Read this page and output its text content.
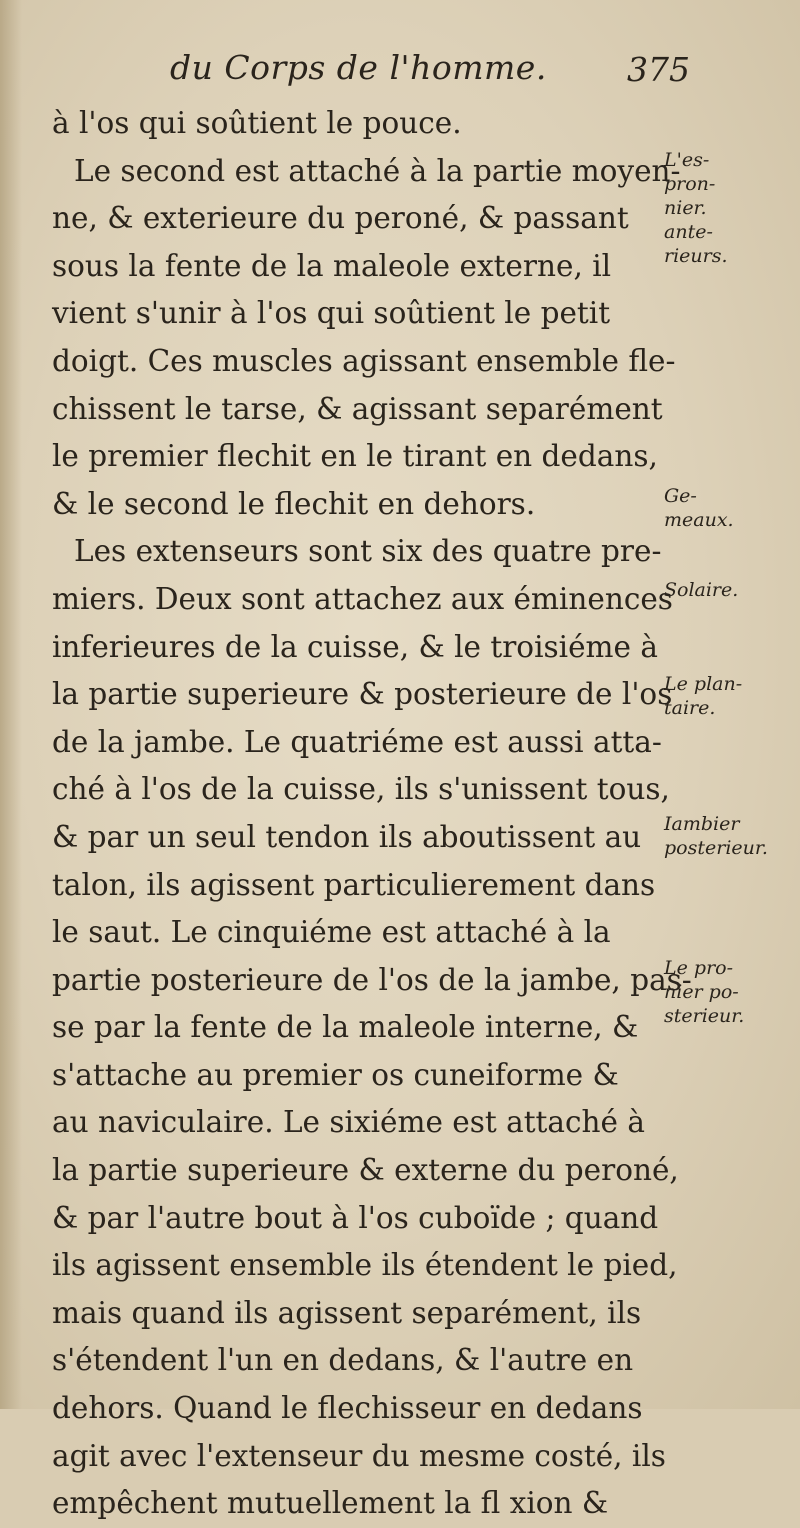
du Corps de l'homme. 375
à l'os qui soûtient le pouce.
Le second est attaché à la partie moyen-
ne, & exterieure du peroné, & passant
sous la fente de la maleole externe, il
vient s'unir à l'os qui soûtient le petit
doigt. Ces muscles agissant ensemble fle-
chissent le tarse, & agissant separément
le premier flechit en le tirant en dedans,
& le second le flechit en dehors.
Les extenseurs sont six des quatre pre-
miers. Deux sont attachez aux éminences
inferieures de la cuisse, & le troisiéme à
la partie superieure & posterieure de l'os
de la jambe. Le quatriéme est aussi atta-
ché à l'os de la cuisse, ils s'unissent tous,
& par un seul tendon ils aboutissent au
talon, ils agissent particulierement dans
le saut. Le cinquiéme est attaché à la
partie posterieure de l'os de la jambe, pas-
se par la fente de la maleole interne, &
s'attache au premier os cuneiforme &
au naviculaire. Le sixiéme est attaché à
la partie superieure & externe du peroné,
& par l'autre bout à l'os cuboïde ; quand
ils agissent ensemble ils étendent le pied,
mais quand ils agissent separément, ils
s'étendent l'un en dedans, & l'autre en
dehors. Quand le flechisseur en dedans
agit avec l'extenseur du mesme costé, ils
empêchent mutuellement la fl xion &
L'es-
pron-
nier.
ante-
rieurs.
Ge-
meaux.
Solaire.
Le plan-
taire.
Iambier
posterieur.
Le pro-
nier po-
sterieur.
